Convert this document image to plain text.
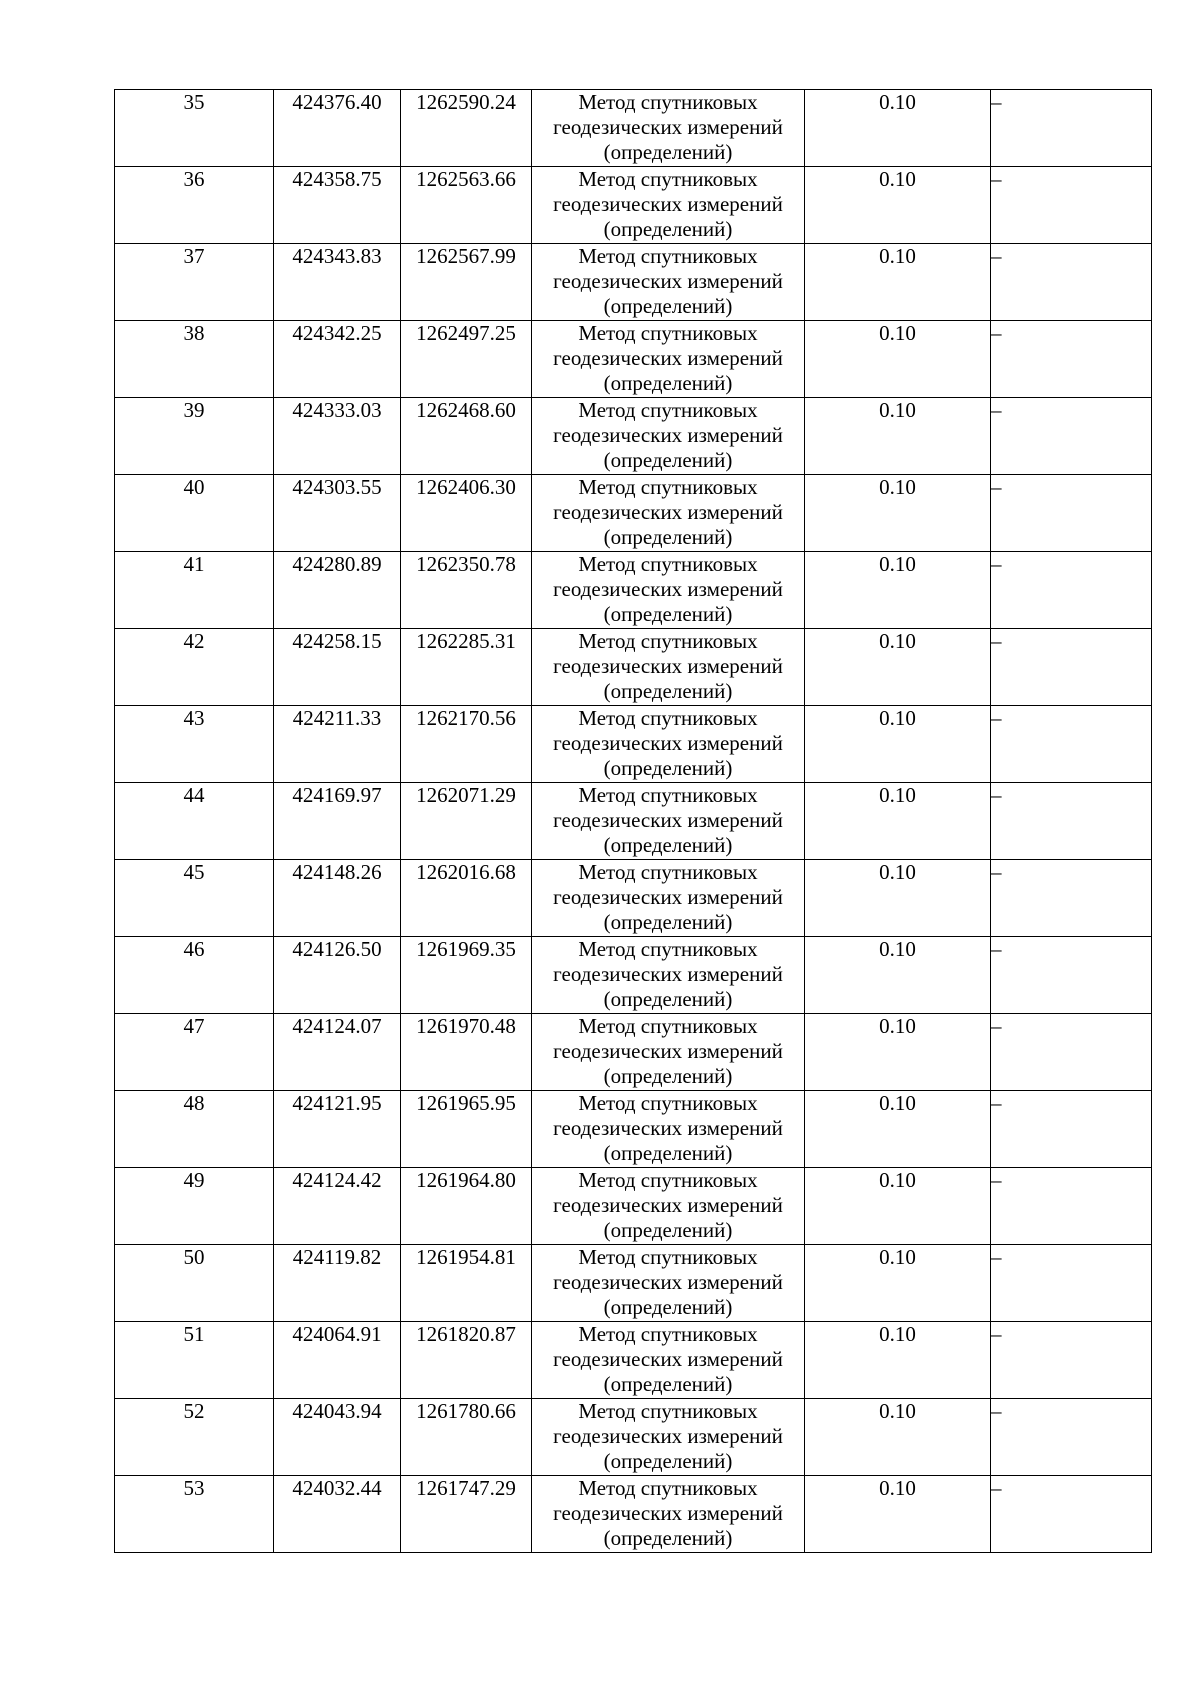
35	424376.40	1262590.24	Метод спутниковых геодезических измерений (определений)	0.10	–
36	424358.75	1262563.66	Метод спутниковых геодезических измерений (определений)	0.10	–
37	424343.83	1262567.99	Метод спутниковых геодезических измерений (определений)	0.10	–
38	424342.25	1262497.25	Метод спутниковых геодезических измерений (определений)	0.10	–
39	424333.03	1262468.60	Метод спутниковых геодезических измерений (определений)	0.10	–
40	424303.55	1262406.30	Метод спутниковых геодезических измерений (определений)	0.10	–
41	424280.89	1262350.78	Метод спутниковых геодезических измерений (определений)	0.10	–
42	424258.15	1262285.31	Метод спутниковых геодезических измерений (определений)	0.10	–
43	424211.33	1262170.56	Метод спутниковых геодезических измерений (определений)	0.10	–
44	424169.97	1262071.29	Метод спутниковых геодезических измерений (определений)	0.10	–
45	424148.26	1262016.68	Метод спутниковых геодезических измерений (определений)	0.10	–
46	424126.50	1261969.35	Метод спутниковых геодезических измерений (определений)	0.10	–
47	424124.07	1261970.48	Метод спутниковых геодезических измерений (определений)	0.10	–
48	424121.95	1261965.95	Метод спутниковых геодезических измерений (определений)	0.10	–
49	424124.42	1261964.80	Метод спутниковых геодезических измерений (определений)	0.10	–
50	424119.82	1261954.81	Метод спутниковых геодезических измерений (определений)	0.10	–
51	424064.91	1261820.87	Метод спутниковых геодезических измерений (определений)	0.10	–
52	424043.94	1261780.66	Метод спутниковых геодезических измерений (определений)	0.10	–
53	424032.44	1261747.29	Метод спутниковых геодезических измерений (определений)	0.10	–
